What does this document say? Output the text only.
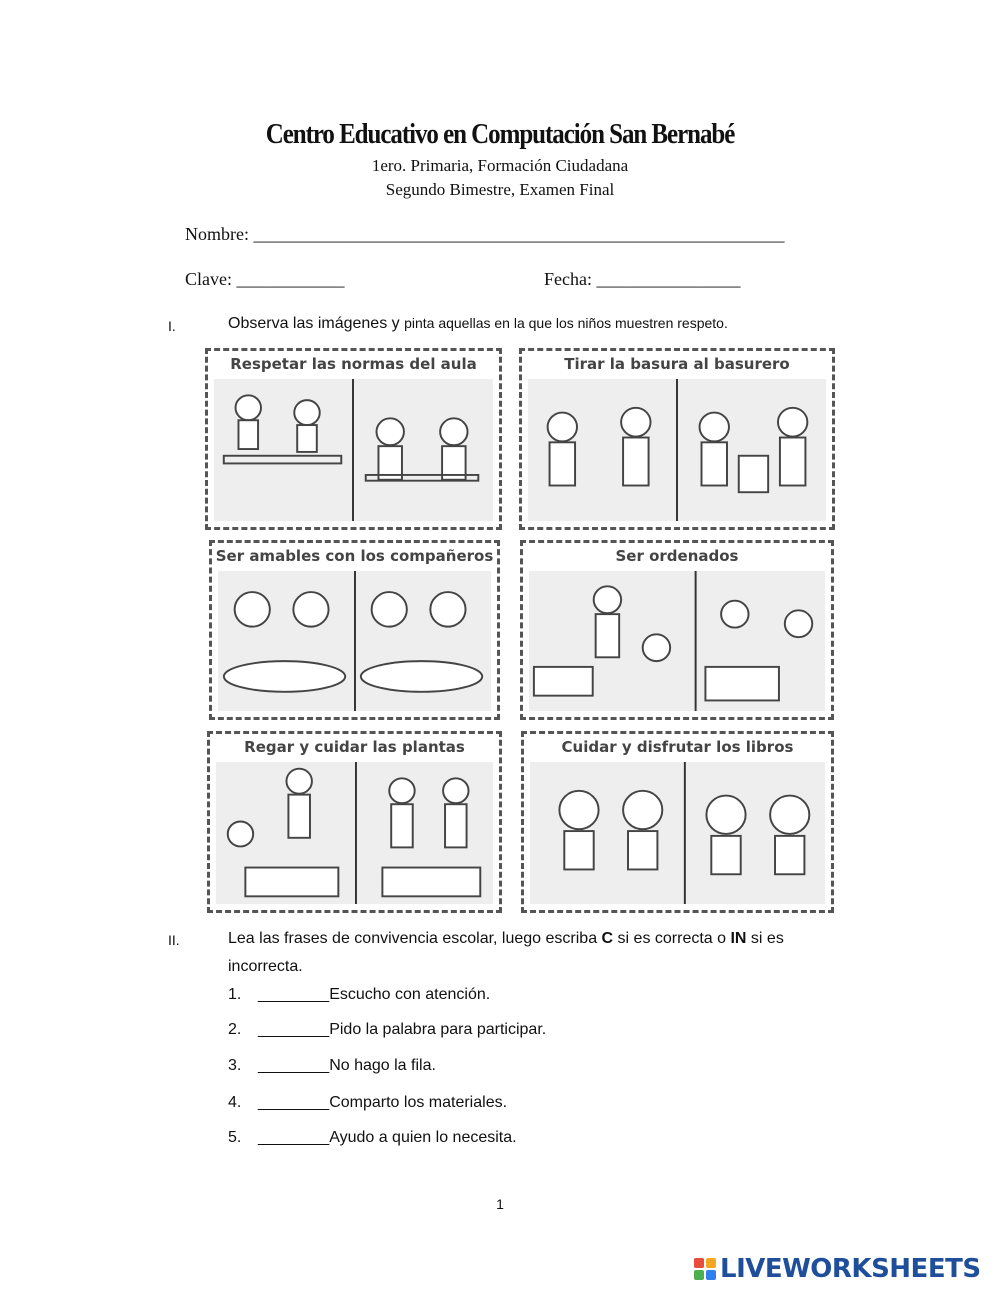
Centro Educativo en Computación San Bernabé
1ero. Primaria, Formación Ciudadana
Segundo Bimestre, Examen Final
Nombre: ___________________________________________________________
Clave: ____________	Fecha: ________________
I.	Observa las imágenes y pinta aquellas en la que los niños muestren respeto.
Respetar las normas del aula	Tirar la basura al basurero
Ser amables con los compañeros	Ser ordenados
Regar y cuidar las plantas	Cuidar y disfrutar los libros
II.	Lea las frases de convivencia escolar, luego escriba C si es correcta o IN si es
incorrecta.
1. ________Escucho con atención.
2. ________Pido la palabra para participar.
3. ________No hago la fila.
4. ________Comparto los materiales.
5. ________Ayudo a quien lo necesita.
1
LIVEWORKSHEETS
